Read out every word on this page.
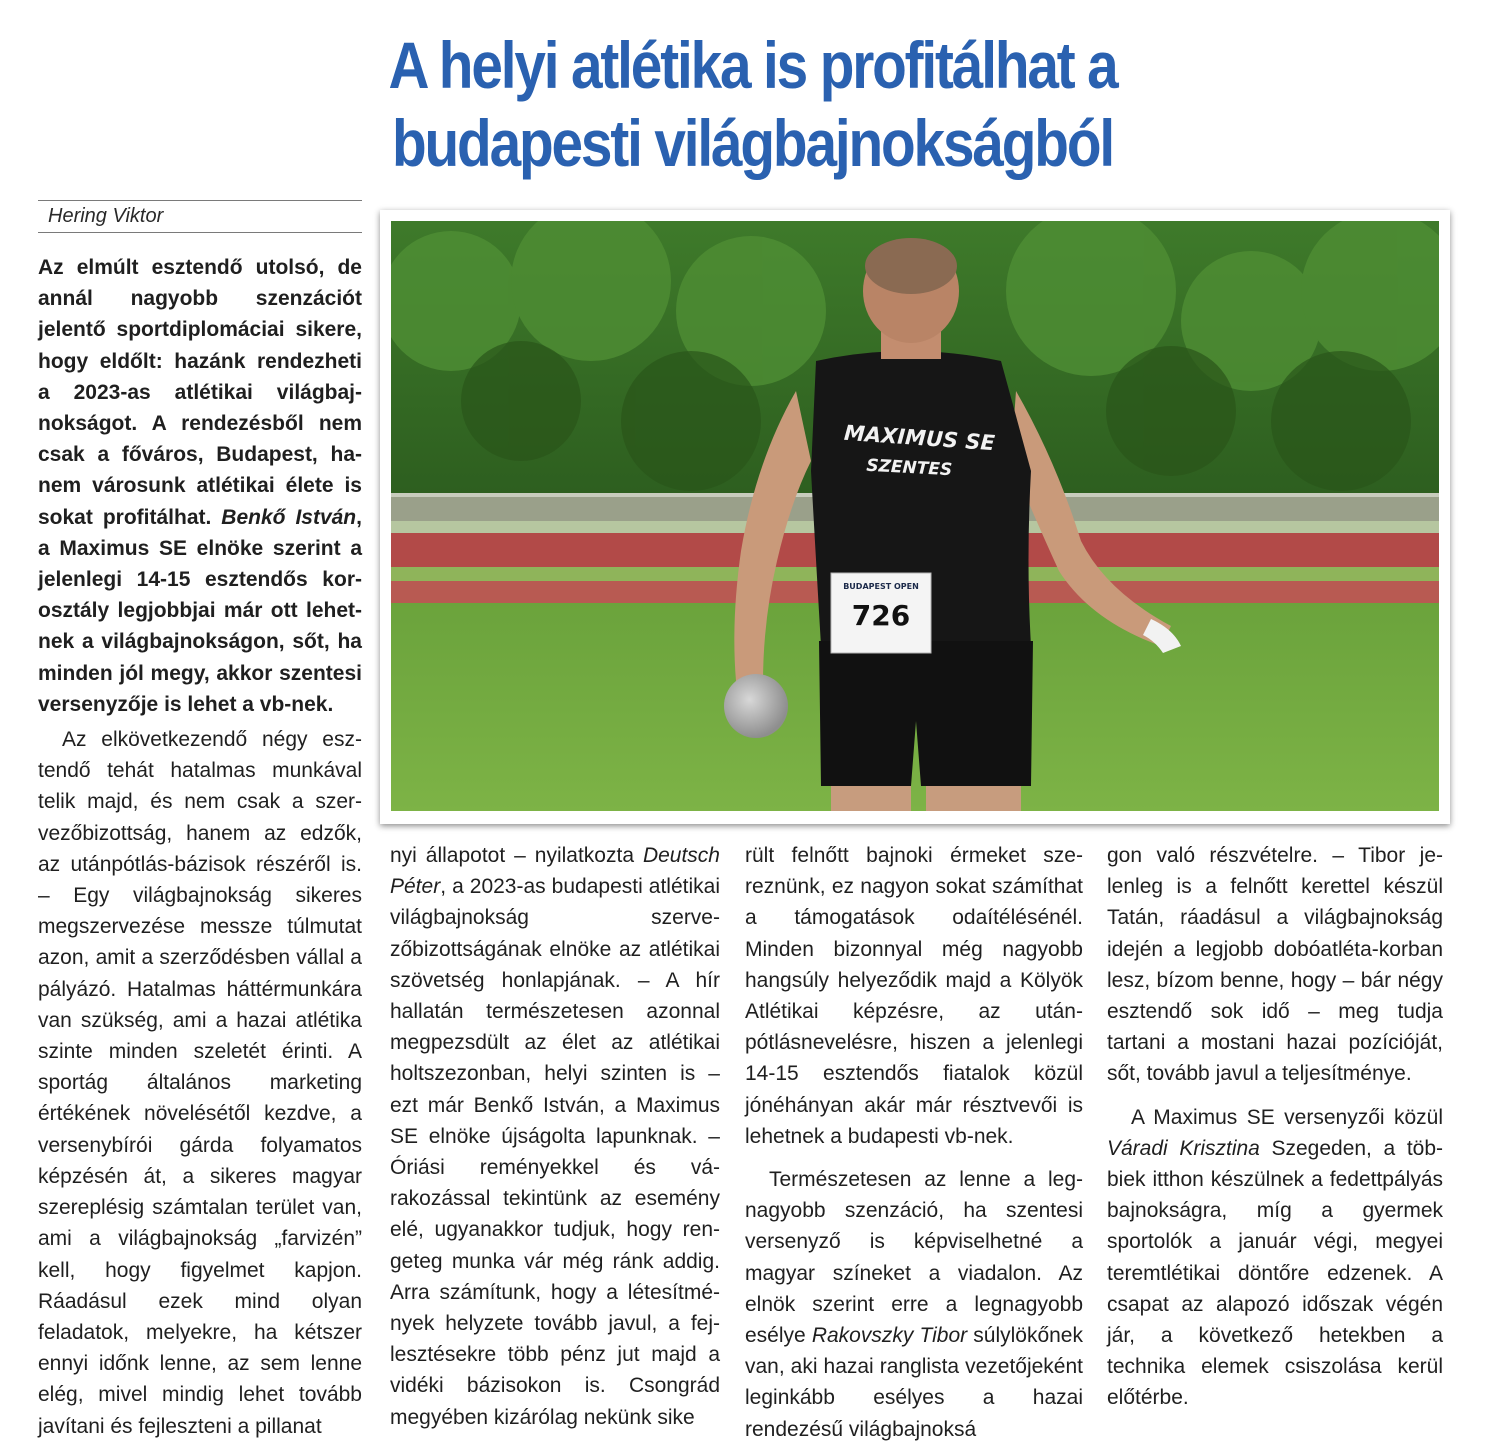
A helyi atlétika is profitálhat a
budapesti világbajnokságból
Hering Viktor

Az elmúlt esztendő utolsó, de annál nagyobb szenzációt jelentő sportdiplomáciai sikere, hogy eldőlt: hazánk rendezheti a 2023-as atlétikai világbajnokságot. A rendezésből nem csak a főváros, Budapest, hanem városunk atlétikai élete is sokat profitálhat. Benkő István, a Maximus SE elnöke szerint a jelenlegi 14-15 esztendős korosztály legjobbjai már ott lehetnek a világbajnokságon, sőt, ha minden jól megy, akkor szentesi versenyzője is lehet a vb-nek.

Az elkövetkezendő négy esztendő tehát hatalmas munkával telik majd, és nem csak a szervezőbizottság, hanem az edzők, az utánpótlás-bázisok részéről is. – Egy világbajnokság sikeres megszervezése messze túlmutat azon, amit a szerződésben vállal a pályázó. Hatalmas háttérmunkára van szükség, ami a hazai atlétika szinte minden szeletét érinti. A sportág általános marketing értékének növelésétől kezdve, a versenybírói gárda folyamatos képzésén át, a sikeres magyar szereplésig számtalan terület van, ami a világbajnokság „farvizén” kell, hogy figyelmet kapjon. Ráadásul ezek mind olyan feladatok, melyekre, ha kétszer ennyi időnk lenne, az sem lenne elég, mivel mindig lehet tovább javítani és fejleszteni a pillanat

MAXIMUS SE
SZENTES
BUDAPEST OPEN
726

nyi állapotot – nyilatkozta Deutsch Péter, a 2023-as budapesti atlétikai világbajnokság szervezőbizottságának elnöke az atlétikai szövetség honlapjának. – A hír hallatán természetesen azonnal megpezsdült az élet az atlétikai holtszezonban, helyi szinten is – ezt már Benkő István, a Maximus SE elnöke újságolta lapunknak. – Óriási reményekkel és várakozással tekintünk az esemény elé, ugyanakkor tudjuk, hogy rengeteg munka vár még ránk addig. Arra számítunk, hogy a létesítmények helyzete tovább javul, a fejlesztésekre több pénz jut majd a vidéki bázisokon is. Csongrád megyében kizárólag nekünk sike

rült felnőtt bajnoki érmeket szereznünk, ez nagyon sokat számíthat a támogatások odaítélésénél. Minden bizonnyal még nagyobb hangsúly helyeződik majd a Kölyök Atlétikai képzésre, az utánpótlásnevelésre, hiszen a jelenlegi 14-15 esztendős fiatalok közül jónéhányan akár már résztvevői is lehetnek a budapesti vb-nek.

Természetesen az lenne a legnagyobb szenzáció, ha szentesi versenyző is képviselhetné a magyar színeket a viadalon. Az elnök szerint erre a legnagyobb esélye Rakovszky Tibor súlylökőnek van, aki hazai ranglista vezetőjeként leginkább esélyes a hazai rendezésű világbajnoksá

gon való részvételre. – Tibor jelenleg is a felnőtt kerettel készül Tatán, ráadásul a világbajnokság idején a legjobb dobóatléta-korban lesz, bízom benne, hogy – bár négy esztendő sok idő – meg tudja tartani a mostani hazai pozícióját, sőt, tovább javul a teljesítménye.

A Maximus SE versenyzői közül Váradi Krisztina Szegeden, a többiek itthon készülnek a fedettpályás bajnokságra, míg a gyermek sportolók a január végi, megyei teremtlétikai döntőre edzenek. A csapat az alapozó időszak végén jár, a következő hetekben a technika elemek csiszolása kerül előtérbe.
